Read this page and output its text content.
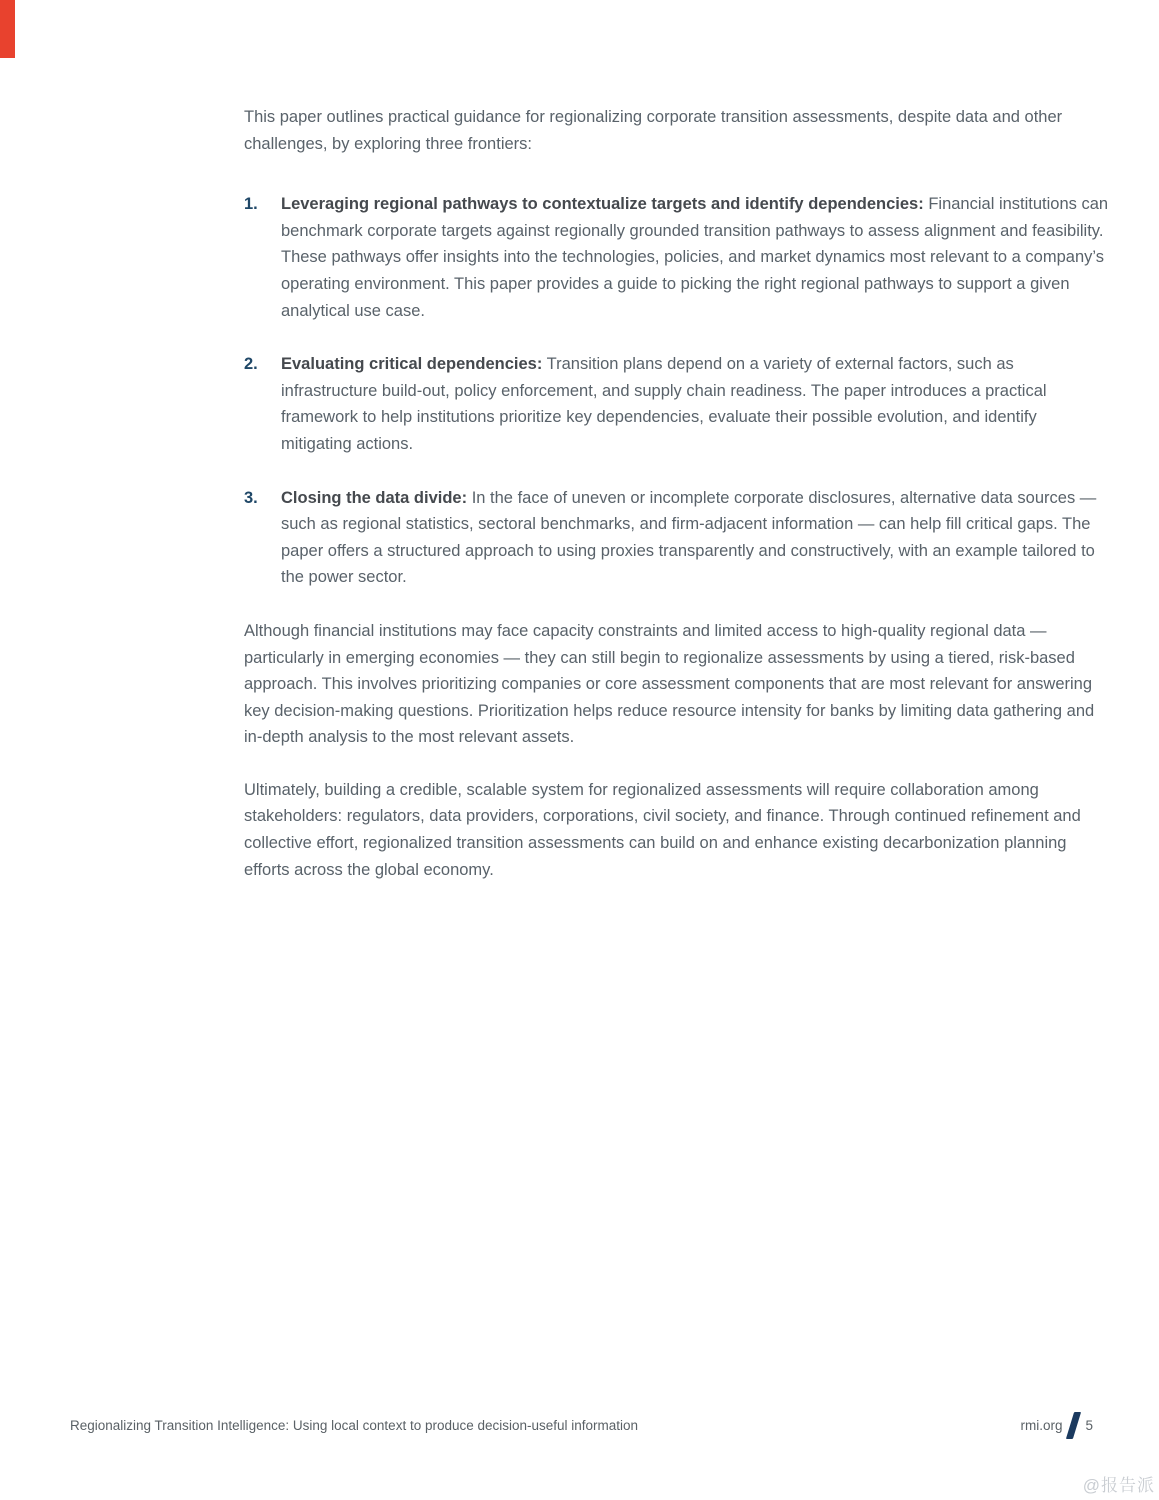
This paper outlines practical guidance for regionalizing corporate transition assessments, despite data and other challenges, by exploring three frontiers:

1.	Leveraging regional pathways to contextualize targets and identify dependencies: Financial institutions can benchmark corporate targets against regionally grounded transition pathways to assess alignment and feasibility. These pathways offer insights into the technologies, policies, and market dynamics most relevant to a company’s operating environment. This paper provides a guide to picking the right regional pathways to support a given analytical use case.
2.	Evaluating critical dependencies: Transition plans depend on a variety of external factors, such as infrastructure build-out, policy enforcement, and supply chain readiness. The paper introduces a practical framework to help institutions prioritize key dependencies, evaluate their possible evolution, and identify mitigating actions.
3.	Closing the data divide: In the face of uneven or incomplete corporate disclosures, alternative data sources — such as regional statistics, sectoral benchmarks, and firm-adjacent information — can help fill critical gaps. The paper offers a structured approach to using proxies transparently and constructively, with an example tailored to the power sector.

Although financial institutions may face capacity constraints and limited access to high-quality regional data — particularly in emerging economies — they can still begin to regionalize assessments by using a tiered, risk-based approach. This involves prioritizing companies or core assessment components that are most relevant for answering key decision-making questions. Prioritization helps reduce resource intensity for banks by limiting data gathering and in-depth analysis to the most relevant assets.

Ultimately, building a credible, scalable system for regionalized assessments will require collaboration among stakeholders: regulators, data providers, corporations, civil society, and finance. Through continued refinement and collective effort, regionalized transition assessments can build on and enhance existing decarbonization planning efforts across the global economy.

Regionalizing Transition Intelligence: Using local context to produce decision-useful information	rmi.org 5
@报告派
